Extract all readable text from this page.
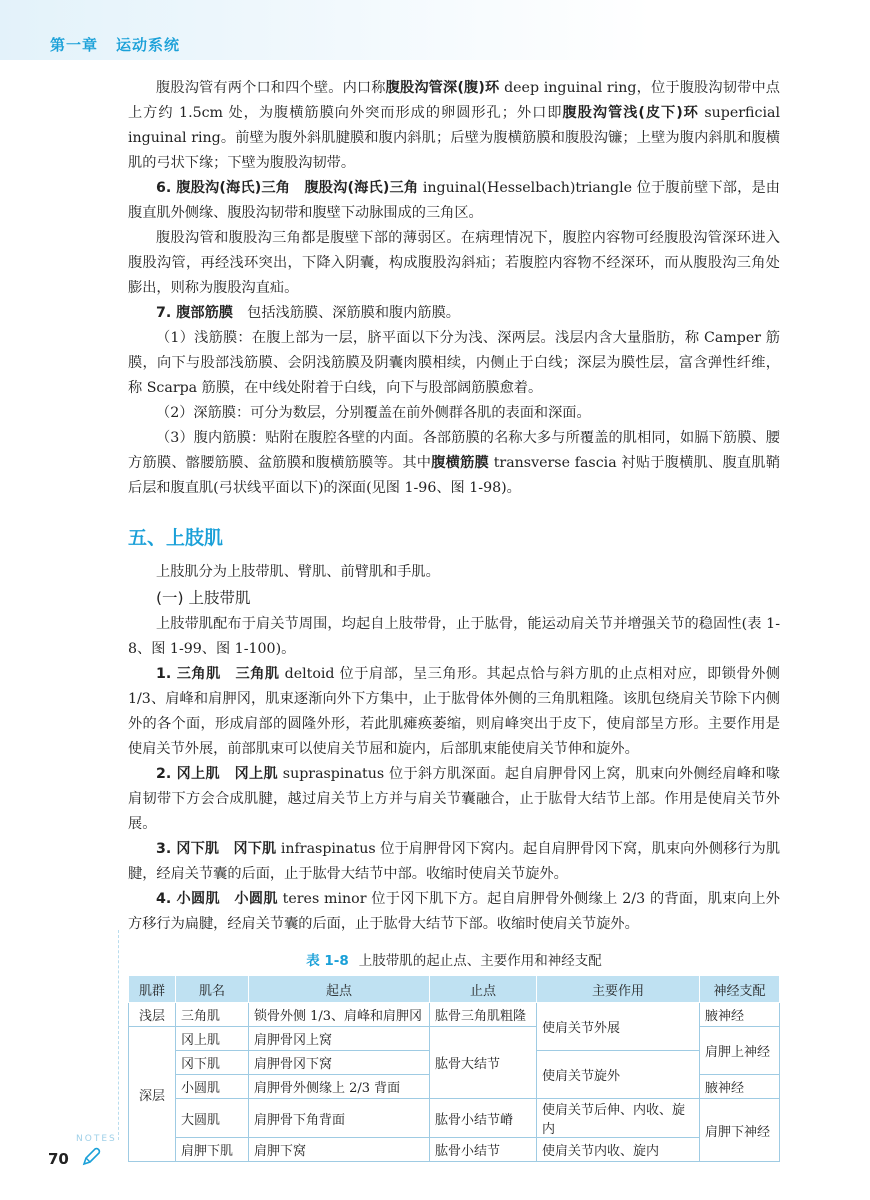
第一章 运动系统

腹股沟管有两个口和四个壁。内口称腹股沟管深(腹)环 deep inguinal ring，位于腹股沟韧带中点上方约 1.5cm 处，为腹横筋膜向外突而形成的卵圆形孔；外口即腹股沟管浅(皮下)环 superficial inguinal ring。前壁为腹外斜肌腱膜和腹内斜肌；后壁为腹横筋膜和腹股沟镰；上壁为腹内斜肌和腹横肌的弓状下缘；下壁为腹股沟韧带。

6. 腹股沟(海氏)三角　腹股沟(海氏)三角 inguinal(Hesselbach)triangle 位于腹前壁下部，是由腹直肌外侧缘、腹股沟韧带和腹壁下动脉围成的三角区。

腹股沟管和腹股沟三角都是腹壁下部的薄弱区。在病理情况下，腹腔内容物可经腹股沟管深环进入腹股沟管，再经浅环突出，下降入阴囊，构成腹股沟斜疝；若腹腔内容物不经深环，而从腹股沟三角处膨出，则称为腹股沟直疝。

7. 腹部筋膜　包括浅筋膜、深筋膜和腹内筋膜。

（1）浅筋膜：在腹上部为一层，脐平面以下分为浅、深两层。浅层内含大量脂肪，称 Camper 筋膜，向下与股部浅筋膜、会阴浅筋膜及阴囊肉膜相续，内侧止于白线；深层为膜性层，富含弹性纤维，称 Scarpa 筋膜，在中线处附着于白线，向下与股部阔筋膜愈着。

（2）深筋膜：可分为数层，分别覆盖在前外侧群各肌的表面和深面。

（3）腹内筋膜：贴附在腹腔各壁的内面。各部筋膜的名称大多与所覆盖的肌相同，如膈下筋膜、腰方筋膜、髂腰筋膜、盆筋膜和腹横筋膜等。其中腹横筋膜 transverse fascia 衬贴于腹横肌、腹直肌鞘后层和腹直肌(弓状线平面以下)的深面(见图 1-96、图 1-98)。

五、上肢肌

上肢肌分为上肢带肌、臂肌、前臂肌和手肌。

(一) 上肢带肌

上肢带肌配布于肩关节周围，均起自上肢带骨，止于肱骨，能运动肩关节并增强关节的稳固性(表 1-8、图 1-99、图 1-100)。

1. 三角肌　三角肌 deltoid 位于肩部，呈三角形。其起点恰与斜方肌的止点相对应，即锁骨外侧 1/3、肩峰和肩胛冈，肌束逐渐向外下方集中，止于肱骨体外侧的三角肌粗隆。该肌包绕肩关节除下内侧外的各个面，形成肩部的圆隆外形，若此肌瘫痪萎缩，则肩峰突出于皮下，使肩部呈方形。主要作用是使肩关节外展，前部肌束可以使肩关节屈和旋内，后部肌束能使肩关节伸和旋外。

2. 冈上肌　冈上肌 supraspinatus 位于斜方肌深面。起自肩胛骨冈上窝，肌束向外侧经肩峰和喙肩韧带下方会合成肌腱，越过肩关节上方并与肩关节囊融合，止于肱骨大结节上部。作用是使肩关节外展。

3. 冈下肌　冈下肌 infraspinatus 位于肩胛骨冈下窝内。起自肩胛骨冈下窝，肌束向外侧移行为肌腱，经肩关节囊的后面，止于肱骨大结节中部。收缩时使肩关节旋外。

4. 小圆肌　小圆肌 teres minor 位于冈下肌下方。起自肩胛骨外侧缘上 2/3 的背面，肌束向上外方移行为扁腱，经肩关节囊的后面，止于肱骨大结节下部。收缩时使肩关节旋外。

表 1-8 上肢带肌的起止点、主要作用和神经支配
肌群	肌名	起点	止点	主要作用	神经支配
浅层	三角肌	锁骨外侧 1/3、肩峰和肩胛冈	肱骨三角肌粗隆	使肩关节外展	腋神经
深层	冈上肌	肩胛骨冈上窝	肱骨大结节		肩胛上神经
	冈下肌	肩胛骨冈下窝		使肩关节旋外	
	小圆肌	肩胛骨外侧缘上 2/3 背面			腋神经
	大圆肌	肩胛骨下角背面	肱骨小结节嵴	使肩关节后伸、内收、旋内	肩胛下神经
	肩胛下肌	肩胛下窝	肱骨小结节	使肩关节内收、旋内	
NOTES
70
